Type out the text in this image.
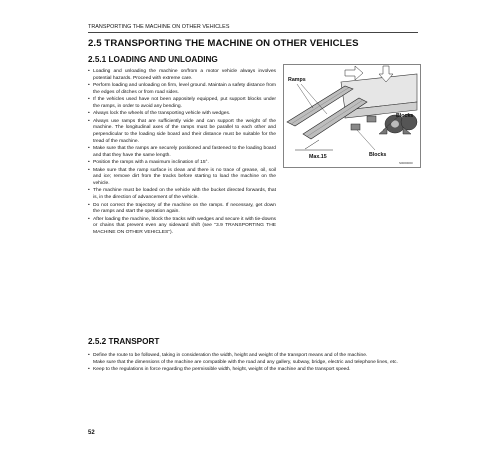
TRANSPORTING THE MACHINE ON OTHER VEHICLES
2.5 TRANSPORTING THE MACHINE ON OTHER VEHICLES
2.5.1 LOADING AND UNLOADING
• Loading and unloading the machine on/from a motor vehicle always involves potential hazards. Proceed with extreme care.
• Perform loading and unloading on firm, level ground. Maintain a safety distance from the edges of ditches or from road sides.
• If the vehicles used have not been appositely equipped, put support blocks under the ramps, in order to avoid any bending.
• Always lock the wheels of the transporting vehicle with wedges.
• Always use ramps that are sufficiently wide and can support the weight of the machine. The longitudinal axes of the ramps must be parallel to each other and perpendicular to the loading side board and their distance must be suitable for the tread of the machine.
• Make sure that the ramps are securely positioned and fastened to the loading board and that they have the same length.
• Position the ramps with a maximum inclination of 15°.
• Make sure that the ramp surface is clean and there is no trace of grease, oil, soil and ice; remove dirt from the tracks before starting to load the machine on the vehicle.
• The machine must be loaded on the vehicle with the bucket directed forwards, that is, in the direction of advancement of the vehicle.
• Do not correct the trajectory of the machine on the ramps. If necessary, get down the ramps and start the operation again.
• After loading the machine, block the tracks with wedges and secure it with tie-downs or chains that prevent even any sideward shift (see "3.9 TRANSPORTING THE MACHINE ON OTHER VEHICLES").
Ramps
Blocks
Blocks
Max.15
S0000000
2.5.2 TRANSPORT
• Define the route to be followed, taking in consideration the width, height and weight of the transport means and of the machine.
Make sure that the dimensions of the machine are compatible with the road and any gallery, subway, bridge, electric and telephone lines, etc.
• Keep to the regulations in force regarding the permissible width, height, weight of the machine and the transport speed.
52
